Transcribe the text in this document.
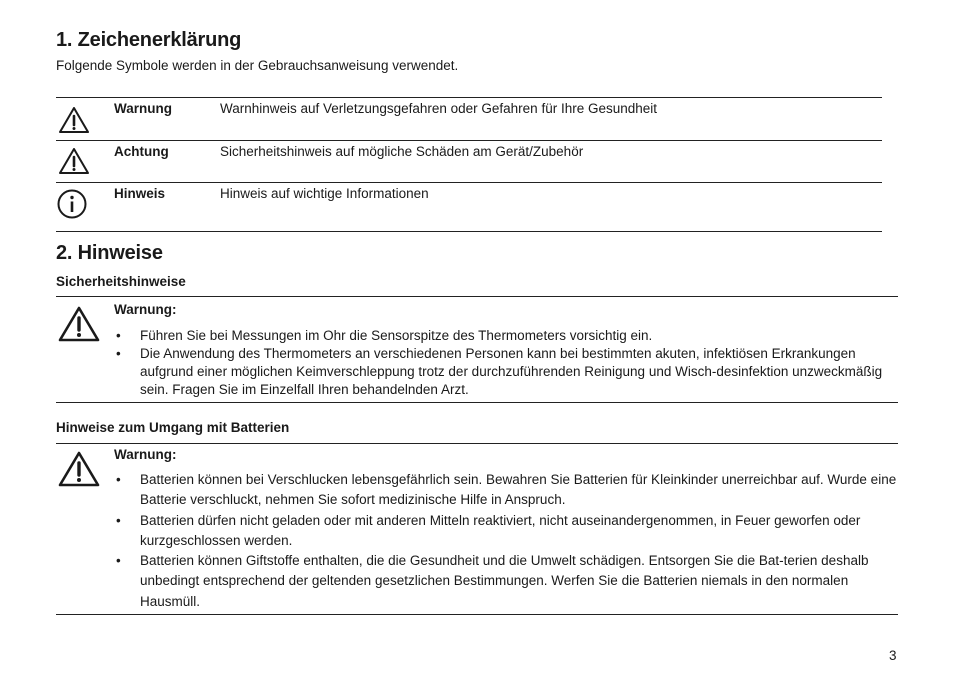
1. Zeichenerklärung
Folgende Symbole werden in der Gebrauchsanweisung verwendet.
Warnung	Warnhinweis auf Verletzungsgefahren oder Gefahren für Ihre Gesundheit
Achtung	Sicherheitshinweis auf mögliche Schäden am Gerät/Zubehör
Hinweis	Hinweis auf wichtige Informationen
2. Hinweise
Sicherheitshinweise
Warnung:
• Führen Sie bei Messungen im Ohr die Sensorspitze des Thermometers vorsichtig ein.
• Die Anwendung des Thermometers an verschiedenen Personen kann bei bestimmten akuten, infektiösen Erkrankungen aufgrund einer möglichen Keimverschleppung trotz der durchzuführenden Reinigung und Wisch-desinfektion unzweckmäßig sein. Fragen Sie im Einzelfall Ihren behandelnden Arzt.
Hinweise zum Umgang mit Batterien
Warnung:
• Batterien können bei Verschlucken lebensgefährlich sein. Bewahren Sie Batterien für Kleinkinder unerreichbar auf. Wurde eine Batterie verschluckt, nehmen Sie sofort medizinische Hilfe in Anspruch.
• Batterien dürfen nicht geladen oder mit anderen Mitteln reaktiviert, nicht auseinandergenommen, in Feuer geworfen oder kurzgeschlossen werden.
• Batterien können Giftstoffe enthalten, die die Gesundheit und die Umwelt schädigen. Entsorgen Sie die Bat-terien deshalb unbedingt entsprechend der geltenden gesetzlichen Bestimmungen. Werfen Sie die Batterien niemals in den normalen Hausmüll.
3
